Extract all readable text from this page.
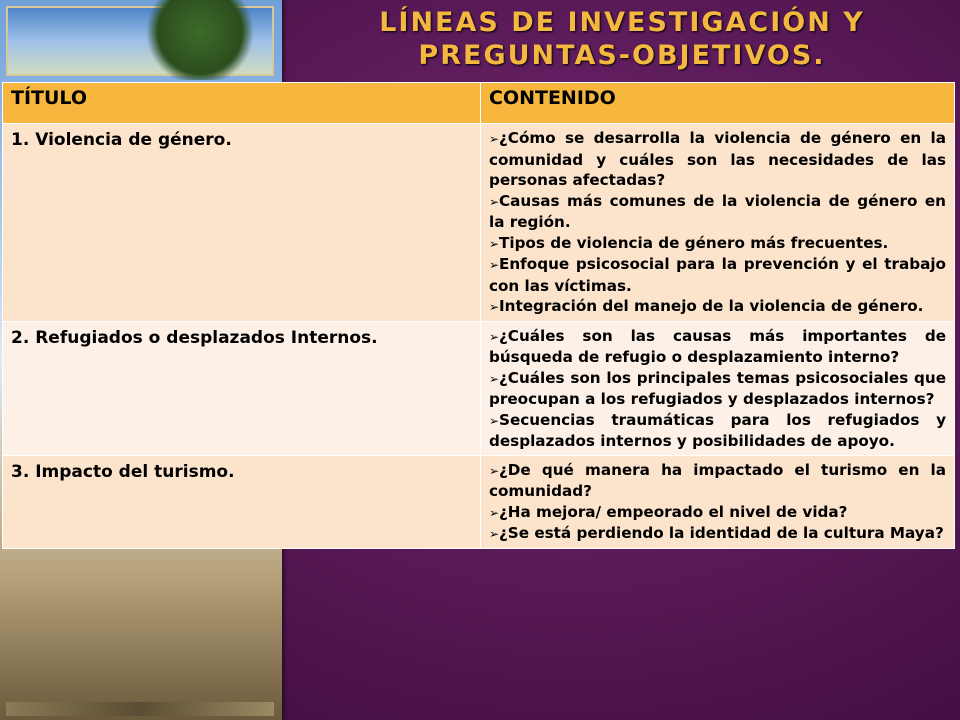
LÍNEAS DE INVESTIGACIÓN Y PREGUNTAS-OBJETIVOS.
TÍTULO	CONTENIDO
1. Violencia de género.	➢¿Cómo se desarrolla la violencia de género en la comunidad y cuáles son las necesidades de las personas afectadas?
➢Causas más comunes de la violencia de género en la región.
➢Tipos de violencia de género más frecuentes.
➢Enfoque psicosocial para la prevención y el trabajo con las víctimas.
➢Integración del manejo de la violencia de género.

2. Refugiados o desplazados Internos.	➢¿Cuáles son las causas más importantes de búsqueda de refugio o desplazamiento interno?
➢¿Cuáles son los principales temas psicosociales que preocupan a los refugiados y desplazados internos?
➢Secuencias traumáticas para los refugiados y desplazados internos y posibilidades de apoyo.

3. Impacto del turismo.	➢¿De qué manera ha impactado el turismo en la comunidad?
➢¿Ha mejora/ empeorado el nivel de vida?
➢¿Se está perdiendo la identidad de la cultura Maya?
